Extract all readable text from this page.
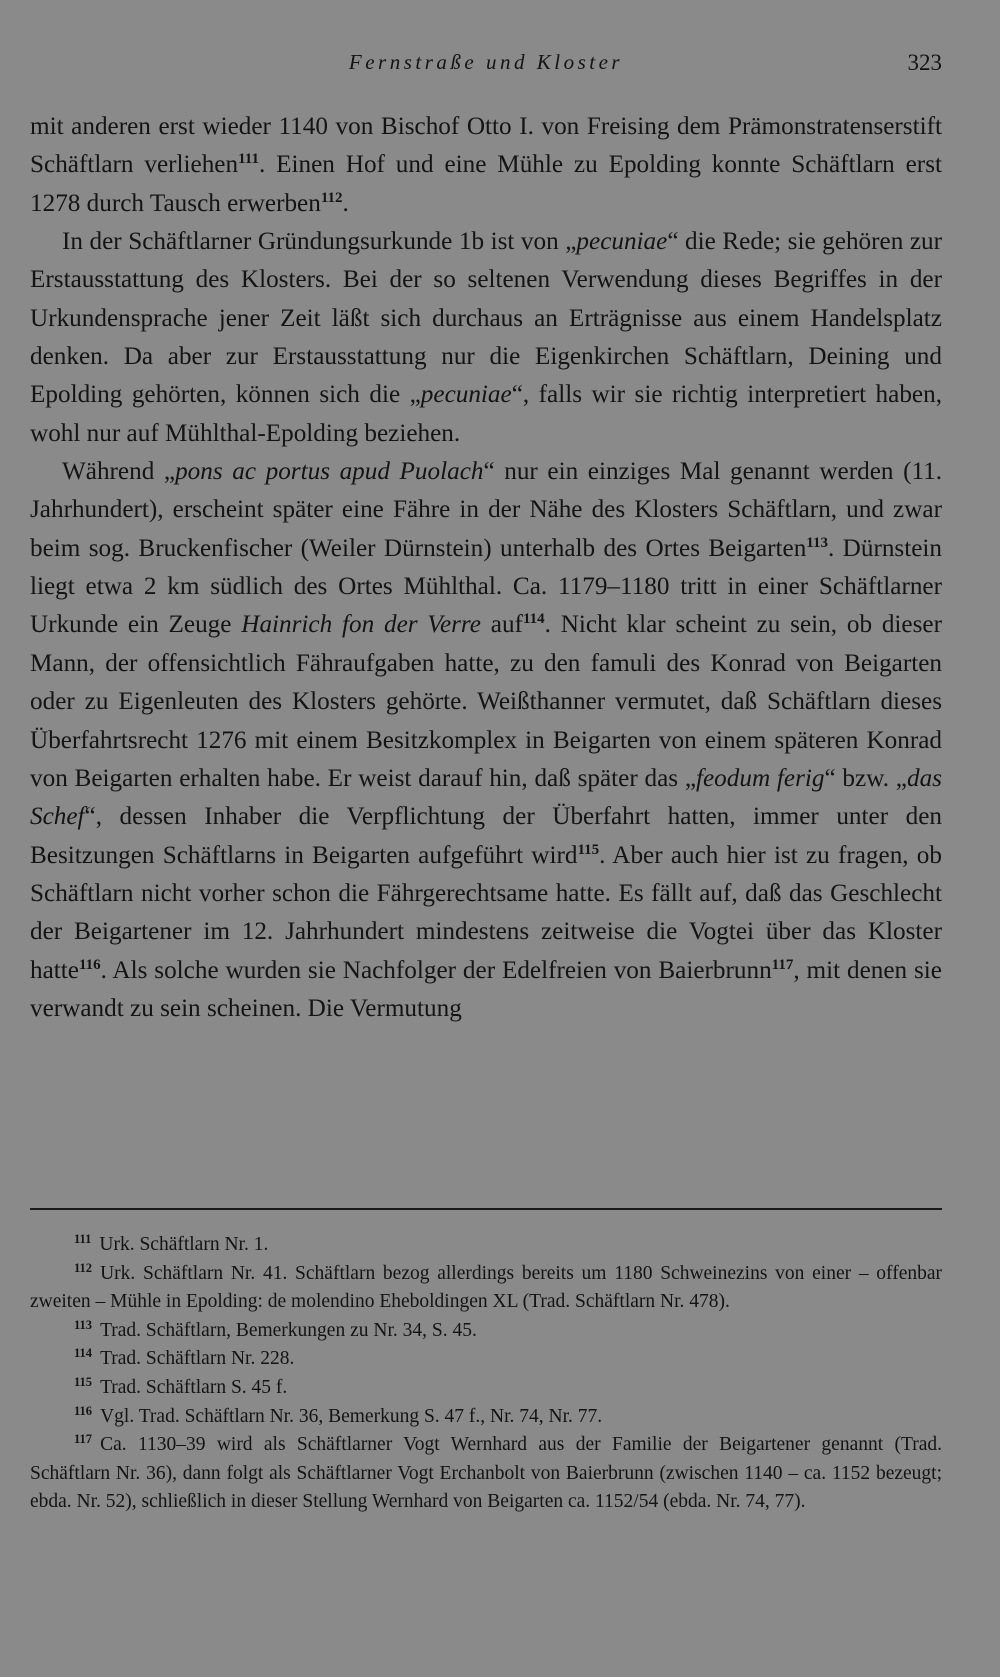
Fernstraße und Kloster	323

mit anderen erst wieder 1140 von Bischof Otto I. von Freising dem Prämonstratenserstift Schäftlarn verliehen$^{111}$. Einen Hof und eine Mühle zu Epolding konnte Schäftlarn erst 1278 durch Tausch erwerben$^{112}$.

In der Schäftlarner Gründungsurkunde 1b ist von „pecuniae“ die Rede; sie gehören zur Erstausstattung des Klosters. Bei der so seltenen Verwendung dieses Begriffes in der Urkundensprache jener Zeit läßt sich durchaus an Erträgnisse aus einem Handelsplatz denken. Da aber zur Erstausstattung nur die Eigenkirchen Schäftlarn, Deining und Epolding gehörten, können sich die „pecuniae“, falls wir sie richtig interpretiert haben, wohl nur auf Mühlthal-Epolding beziehen.

Während „pons ac portus apud Puolach“ nur ein einziges Mal genannt werden (11. Jahrhundert), erscheint später eine Fähre in der Nähe des Klosters Schäftlarn, und zwar beim sog. Bruckenfischer (Weiler Dürnstein) unterhalb des Ortes Beigarten$^{113}$. Dürnstein liegt etwa 2 km südlich des Ortes Mühlthal. Ca. 1179–1180 tritt in einer Schäftlarner Urkunde ein Zeuge Hainrich fon der Verre auf$^{114}$. Nicht klar scheint zu sein, ob dieser Mann, der offensichtlich Fähraufgaben hatte, zu den famuli des Konrad von Beigarten oder zu Eigenleuten des Klosters gehörte. Weißthanner vermutet, daß Schäftlarn dieses Überfahrtsrecht 1276 mit einem Besitzkomplex in Beigarten von einem späteren Konrad von Beigarten erhalten habe. Er weist darauf hin, daß später das „feodum ferig“ bzw. „das Schef“, dessen Inhaber die Verpflichtung der Überfahrt hatten, immer unter den Besitzungen Schäftlarns in Beigarten aufgeführt wird$^{115}$. Aber auch hier ist zu fragen, ob Schäftlarn nicht vorher schon die Fährgerechtsame hatte. Es fällt auf, daß das Geschlecht der Beigartener im 12. Jahrhundert mindestens zeitweise die Vogtei über das Kloster hatte$^{116}$. Als solche wurden sie Nachfolger der Edelfreien von Baierbrunn$^{117}$, mit denen sie verwandt zu sein scheinen. Die Vermutung

111 Urk. Schäftlarn Nr. 1.

112 Urk. Schäftlarn Nr. 41. Schäftlarn bezog allerdings bereits um 1180 Schweinezins von einer – offenbar zweiten – Mühle in Epolding: de molendino Eheboldingen XL (Trad. Schäftlarn Nr. 478).

113 Trad. Schäftlarn, Bemerkungen zu Nr. 34, S. 45.

114 Trad. Schäftlarn Nr. 228.

115 Trad. Schäftlarn S. 45 f.

116 Vgl. Trad. Schäftlarn Nr. 36, Bemerkung S. 47 f., Nr. 74, Nr. 77.

117 Ca. 1130–39 wird als Schäftlarner Vogt Wernhard aus der Familie der Beigartener genannt (Trad. Schäftlarn Nr. 36), dann folgt als Schäftlarner Vogt Erchanbolt von Baierbrunn (zwischen 1140 – ca. 1152 bezeugt; ebda. Nr. 52), schließlich in dieser Stellung Wernhard von Beigarten ca. 1152/54 (ebda. Nr. 74, 77).
